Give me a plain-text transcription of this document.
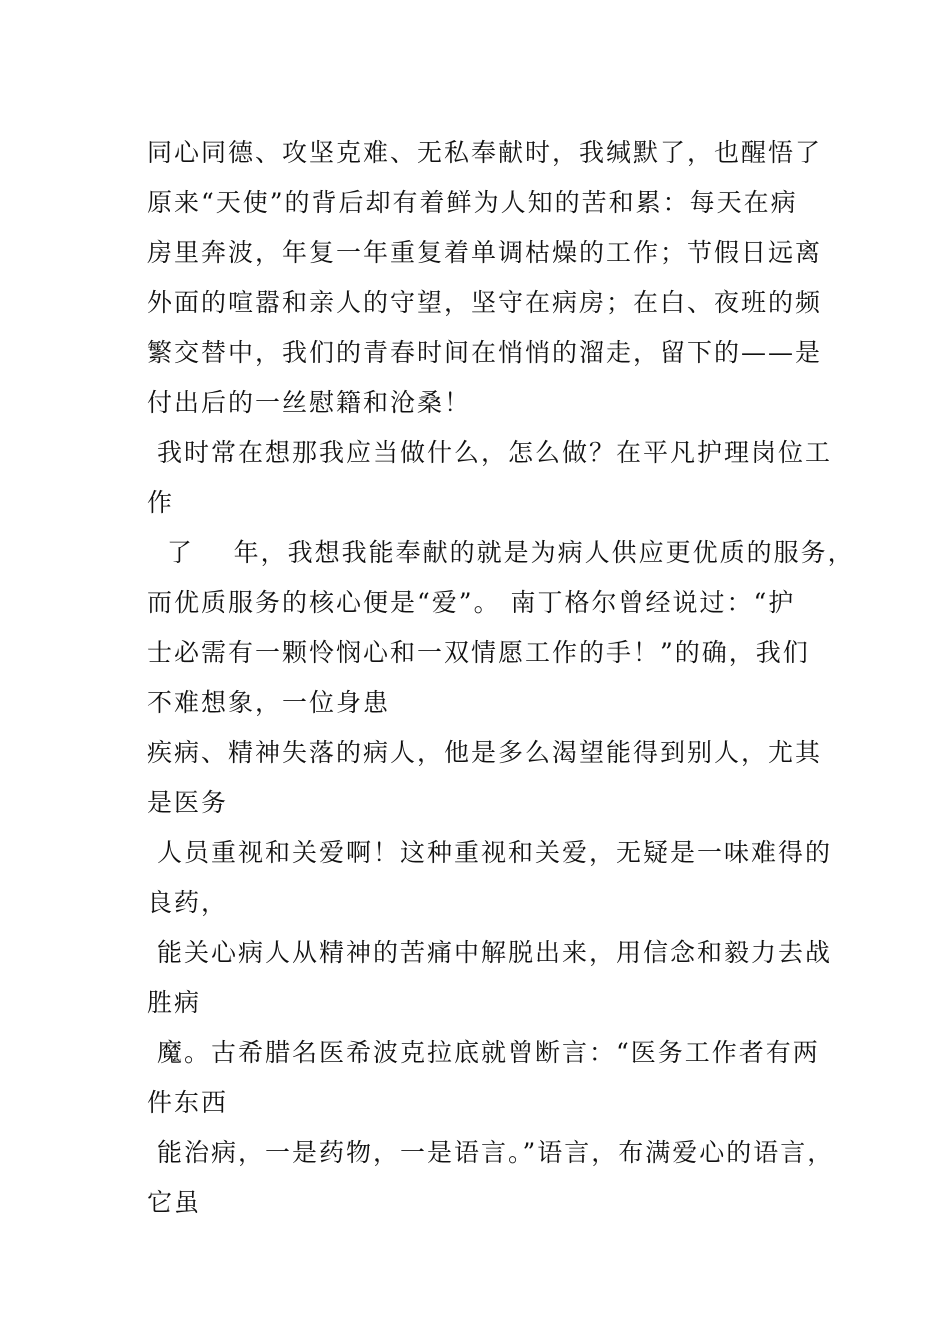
同心同德、攻坚克难、无私奉献时，我缄默了，也醒悟了
原来“天使”的背后却有着鲜为人知的苦和累：每天在病
房里奔波，年复一年重复着单调枯燥的工作；节假日远离
外面的喧嚣和亲人的守望，坚守在病房；在白、夜班的频
繁交替中，我们的青春时间在悄悄的溜走，留下的——是
付出后的一丝慰籍和沧桑！
我时常在想那我应当做什么，怎么做？在平凡护理岗位工
作
了    年，我想我能奉献的就是为病人供应更优质的服务，
而优质服务的核心便是“爱”。 南丁格尔曾经说过：“护
士必需有一颗怜悯心和一双情愿工作的手！”的确，我们
不难想象，一位身患
疾病、精神失落的病人，他是多么渴望能得到别人，尤其
是医务
人员重视和关爱啊！这种重视和关爱，无疑是一味难得的
良药，
能关心病人从精神的苦痛中解脱出来，用信念和毅力去战
胜病
魔。古希腊名医希波克拉底就曾断言：“医务工作者有两
件东西
能治病，一是药物，一是语言。”语言，布满爱心的语言，
它虽
